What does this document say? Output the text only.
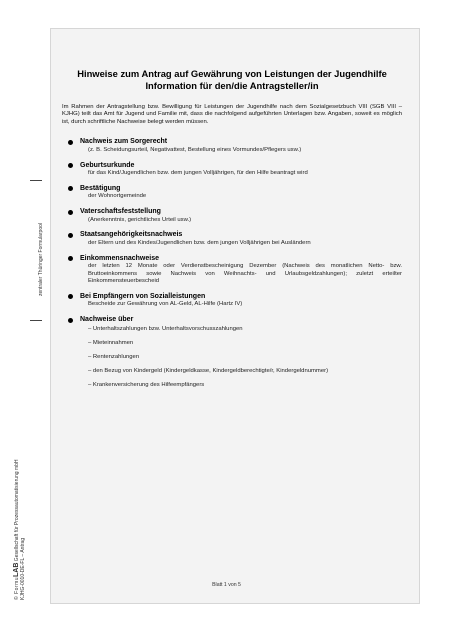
zentraler Thüringer Formularpool
© FormuLAB Gesellschaft für Prozessautomatisierung mbH
KJHG-0010-DE-FL – Antrag
Hinweise zum Antrag auf Gewährung von Leistungen der Jugendhilfe
Information für den/die Antragsteller/in

Im Rahmen der Antragstellung bzw. Bewilligung für Leistungen der Jugendhilfe nach dem Sozialgesetzbuch VIII (SGB VIII – KJHG) teilt das Amt für Jugend und Familie mit, dass die nachfolgend aufgeführten Unterlagen bzw. Angaben, soweit es möglich ist, durch schriftliche Nachweise belegt werden müssen.

Nachweis zum Sorgerecht
(z. B. Scheidungsurteil, Negativattest, Bestellung eines Vormundes/Pflegers usw.)
Geburtsurkunde
für das Kind/Jugendlichen bzw. dem jungen Volljährigen, für den Hilfe beantragt wird
Bestätigung
der Wohnortgemeinde
Vaterschaftsfeststellung
(Anerkenntnis, gerichtliches Urteil usw.)
Staatsangehörigkeitsnachweis
der Eltern und des Kindes/Jugendlichen bzw. dem jungen Volljährigen bei Ausländern
Einkommensnachweise
der letzten 12 Monate oder Verdienstbescheinigung Dezember (Nachweis des monatlichen Netto- bzw. Bruttoeinkommens sowie Nachweis von Weihnachts- und Urlaubsgeldzahlungen); zuletzt erteilter Einkommensteuerbescheid
Bei Empfängern von Sozialleistungen
Bescheide zur Gewährung von AL-Geld, AL-Hilfe (Hartz IV)
Nachweise über
– Unterhaltszahlungen bzw. Unterhaltsvorschusszahlungen
– Mieteinnahmen
– Rentenzahlungen
– den Bezug von Kindergeld (Kindergeldkasse, Kindergeldberechtigte/r, Kindergeldnummer)
– Krankenversicherung des Hilfeempfängers
Blatt 1 von 5
